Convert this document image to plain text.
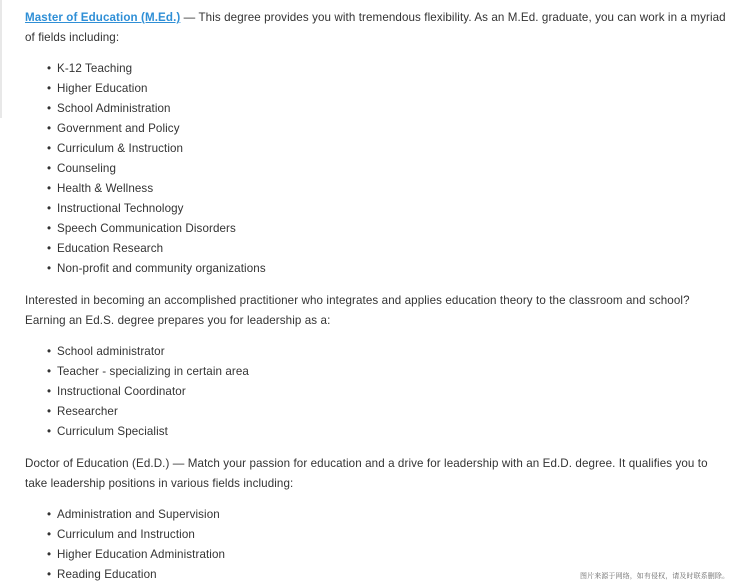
Master of Education (M.Ed.) — This degree provides you with tremendous flexibility. As an M.Ed. graduate, you can work in a myriad of fields including:

• K-12 Teaching
• Higher Education
• School Administration
• Government and Policy
• Curriculum & Instruction
• Counseling
• Health & Wellness
• Instructional Technology
• Speech Communication Disorders
• Education Research
• Non-profit and community organizations

Interested in becoming an accomplished practitioner who integrates and applies education theory to the classroom and school? Earning an Ed.S. degree prepares you for leadership as a:

• School administrator
• Teacher - specializing in certain area
• Instructional Coordinator
• Researcher
• Curriculum Specialist

Doctor of Education (Ed.D.) — Match your passion for education and a drive for leadership with an Ed.D. degree. It qualifies you to take leadership positions in various fields including:

• Administration and Supervision
• Curriculum and Instruction
• Higher Education Administration
• Reading Education	图片来源于网络，如有侵权，请及时联系删除。
